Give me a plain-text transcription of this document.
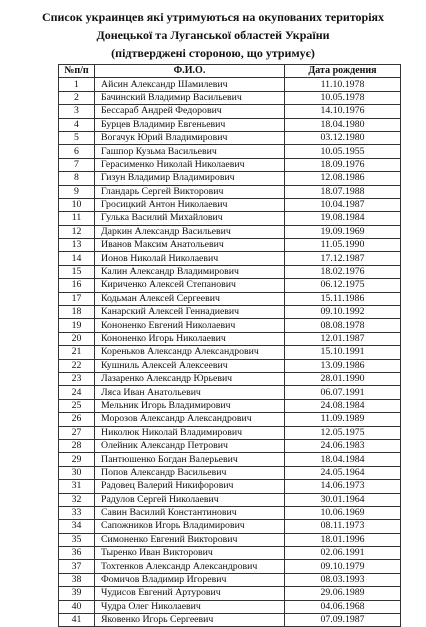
Список украинцев які утримуються на окупованих територіях
Донецької та Луганської областей України
(підтверджені стороною, що утримує)
№п/п	Ф.И.О.	Дата рождения
1	Айсин Александр Шамилевич	11.10.1978
2	Бачинский Владимир Васильевич	10.05.1978
3	Бессараб Андрей Федорович	14.10.1976
4	Бурцев Владимир Евгеньевич	18.04.1980
5	Вогачук Юрий Владимирович	03.12.1980
6	Гашпор Кузьма Васильевич	10.05.1955
7	Герасименко Николай Николаевич	18.09.1976
8	Гизун Владимир Владимирович	12.08.1986
9	Гландарь Сергей Викторович	18.07.1988
10	Гросицкий Антон Николаевич	10.04.1987
11	Гулька Василий Михайлович	19.08.1984
12	Даркин Александр Васильевич	19.09.1969
13	Иванов Максим Анатольевич	11.05.1990
14	Ионов Николай Николаевич	17.12.1987
15	Калин Александр Владимирович	18.02.1976
16	Кириченко Алексей Степанович	06.12.1975
17	Кодьман Алексей Сергеевич	15.11.1986
18	Канарский Алексей Геннадиевич	09.10.1992
19	Кононенко Евгений Николаевич	08.08.1978
20	Кононенко Игорь Николаевич	12.01.1987
21	Кореньков Александр Александрович	15.10.1991
22	Кушниль Алексей Алексеевич	13.09.1986
23	Лазаренко Александр Юрьевич	28.01.1990
24	Ляса Иван Анатольевич	06.07.1991
25	Мельник Игорь Владимирович	24.08.1984
26	Морозов Александр Александрович	11.09.1989
27	Николюк Николай Владимирович	12.05.1975
28	Олейник Александр Петрович	24.06.1983
29	Пантюшенко Богдан Валерьевич	18.04.1984
30	Попов Александр Васильевич	24.05.1964
31	Радовец Валерий Никифорович	14.06.1973
32	Радулов Сергей Николаевич	30.01.1964
33	Савин Василий Константинович	10.06.1969
34	Сапожников Игорь Владимирович	08.11.1973
35	Симоненко Евгений Викторович	18.01.1996
36	Тыренко Иван Викторович	02.06.1991
37	Тохтенков Александр Александрович	09.10.1979
38	Фомичов Владимир Игоревич	08.03.1993
39	Чудисов Евгений Артурович	29.06.1989
40	Чудра Олег Николаевич	04.06.1968
41	Яковенко Игорь Сергеевич	07.09.1987
